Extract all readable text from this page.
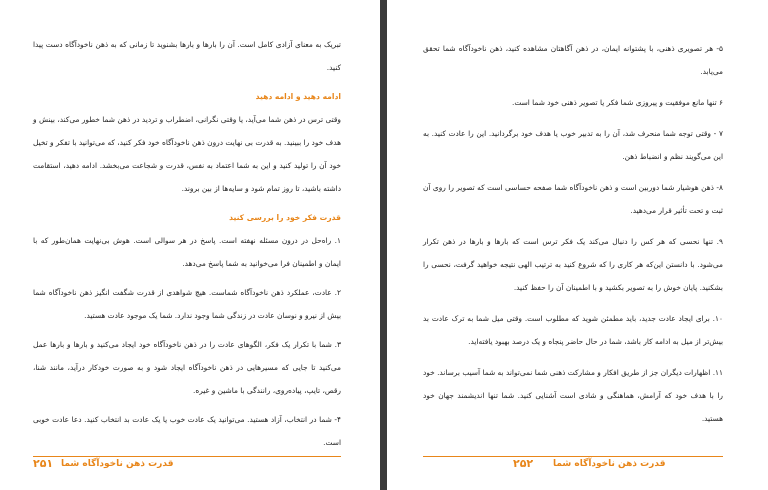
تبریک به معنای آزادی کامل است. آن را بارها و بارها بشنوید تا زمانی که به ذهن ناخودآگاه دست پیدا کنید.

ادامه دهید و ادامه دهید

وقتی ترس در ذهن شما می‌آید، یا وقتی نگرانی، اضطراب و تردید در ذهن شما خطور می‌کند، بینش و هدف خود را ببینید. به قدرت بی نهایت درون ذهن ناخودآگاه خود فکر کنید، که می‌توانید با تفکر و تخیل خود آن را تولید کنید و این به شما اعتماد به نفس، قدرت و شجاعت می‌بخشد. ادامه دهید، استقامت داشته باشید، تا روز تمام شود و سایه‌ها از بین بروند.

قدرت فکر خود را بررسی کنید

۱. راه‌حل در درون مسئله نهفته است. پاسخ در هر سوالی است. هوش بی‌نهایت همان‌طور که با ایمان و اطمینان فرا می‌خوانید به شما پاسخ می‌دهد.

۲. عادت، عملکرد ذهن ناخودآگاه شماست. هیچ شواهدی از قدرت شگفت انگیز ذهن ناخودآگاه شما بیش از نیرو و نوسان عادت در زندگی شما وجود ندارد. شما یک موجود عادت هستید.

۳. شما با تکرار یک فکر، الگوهای عادت را در ذهن ناخودآگاه خود ایجاد می‌کنید و بارها و بارها عمل می‌کنید تا جایی که مسیرهایی در ذهن ناخودآگاه ایجاد شود و به صورت خودکار درآید، مانند شنا، رقص، تایپ، پیاده‌روی، رانندگی با ماشین و غیره.

۴- شما در انتخاب، آزاد هستید. می‌توانید یک عادت خوب یا یک عادت بد انتخاب کنید. دعا عادت خوبی است.

۲۵۱ قدرت ذهن ناخودآگاه شما

۵- هر تصویری ذهنی، با پشتوانه ایمان، در ذهن آگاهتان مشاهده کنید، ذهن ناخودآگاه شما تحقق می‌یابد.

۶ تنها مانع موفقیت و پیروزی شما فکر یا تصویر ذهنی خود شما است.

۷ - وقتی توجه شما منحرف شد، آن را به تدبیر خوب یا هدف خود برگردانید. این را عادت کنید. به این می‌گویند نظم و انضباط ذهن.

۸- ذهن هوشیار شما دوربین است و ذهن ناخودآگاه شما صفحه حساسی است که تصویر را روی آن ثبت و تحت تأثیر قرار می‌دهید.

۹. تنها نحسی که هر کس را دنبال می‌کند یک فکر ترس است که بارها و بارها در ذهن تکرار می‌شود. با دانستن این‌که هر کاری را که شروع کنید به ترتیب الهی نتیجه خواهید گرفت، نحسی را بشکنید. پایان خوش را به تصویر بکشید و با اطمینان آن را حفظ کنید.

۱۰. برای ایجاد عادت جدید، باید مطمئن شوید که مطلوب است. وقتی میل شما به ترک عادت بد بیش‌تر از میل به ادامه کار باشد، شما در حال حاضر پنجاه و یک درصد بهبود یافته‌اید.

۱۱. اظهارات دیگران جز از طریق افکار و مشارکت ذهنی شما نمی‌تواند به شما آسیب برساند. خود را با هدف خود که آرامش، هماهنگی و شادی است آشنایی کنید. شما تنها اندیشمند جهان خود هستید.

۲۵۲ قدرت ذهن ناخودآگاه شما
